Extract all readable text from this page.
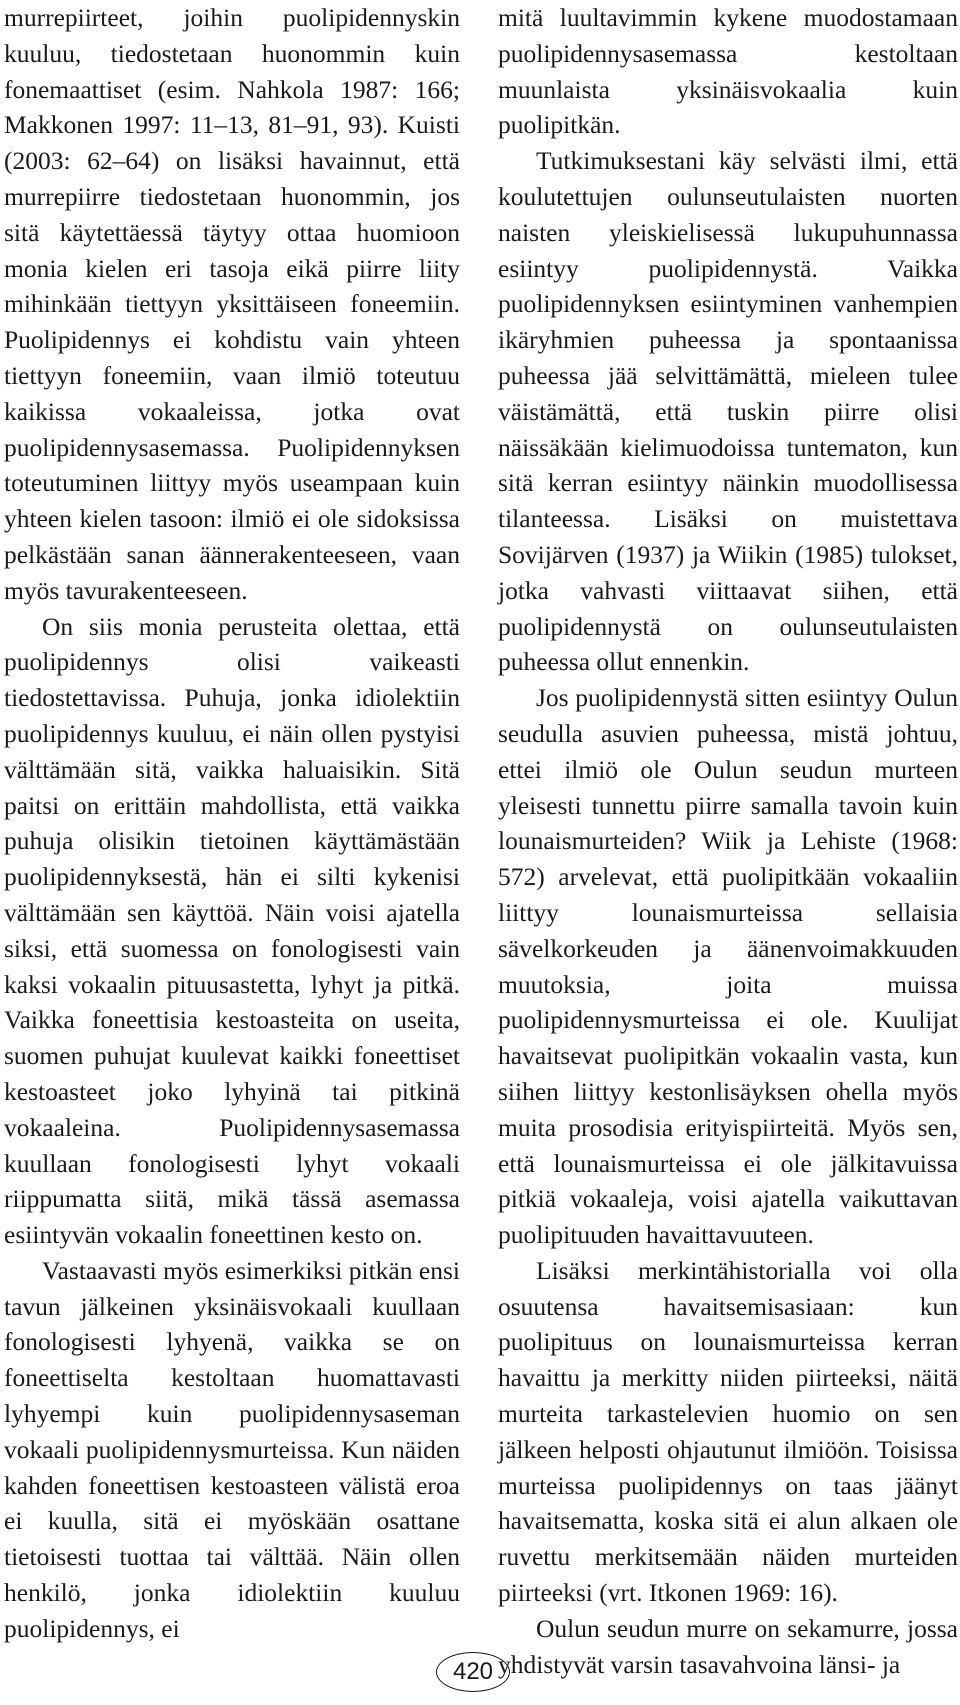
murrepiirteet, joihin puolipidennyskin kuuluu, tiedostetaan huonommin kuin fonemaattiset (esim. Nahkola 1987: 166; Makkonen 1997: 11–13, 81–91, 93). Kuisti (2003: 62–64) on lisäksi havainnut, että murrepiirre tiedostetaan huonommin, jos sitä käytettäessä täytyy ottaa huomioon monia kielen eri tasoja eikä piirre liity mihinkään tiettyyn yksittäiseen foneemiin. Puolipidennys ei kohdistu vain yhteen tiettyyn foneemiin, vaan ilmiö toteutuu kaikissa vokaaleissa, jotka ovat puolipidennysasemassa. Puolipidennyksen toteutuminen liittyy myös useampaan kuin yhteen kielen tasoon: ilmiö ei ole sidoksissa pelkästään sanan äännerakenteeseen, vaan myös tavurakenteeseen.

On siis monia perusteita olettaa, että puolipidennys olisi vaikeasti tiedostettavissa. Puhuja, jonka idiolektiin puolipidennys kuuluu, ei näin ollen pystyisi välttämään sitä, vaikka haluaisikin. Sitä paitsi on erittäin mahdollista, että vaikka puhuja olisikin tietoinen käyttämästään puolipidennyksestä, hän ei silti kykenisi välttämään sen käyttöä. Näin voisi ajatella siksi, että suomessa on fonologisesti vain kaksi vokaalin pituusastetta, lyhyt ja pitkä. Vaikka foneettisia kestoasteita on useita, suomen puhujat kuulevat kaikki foneettiset kestoasteet joko lyhyinä tai pitkinä vokaaleina. Puolipidennysasemassa kuullaan fonologisesti lyhyt vokaali riippumatta siitä, mikä tässä asemassa esiintyvän vokaalin foneettinen kesto on.

Vastaavasti myös esimerkiksi pitkän ensi tavun jälkeinen yksinäisvokaali kuullaan fonologisesti lyhyenä, vaikka se on foneettiselta kestoltaan huomattavasti lyhyempi kuin puolipidennysaseman vokaali puolipidennysmurteissa. Kun näiden kahden foneettisen kestoasteen välistä eroa ei kuulla, sitä ei myöskään osattane tietoisesti tuottaa tai välttää. Näin ollen henkilö, jonka idiolektiin kuuluu puolipidennys, ei

mitä luultavimmin kykene muodostamaan puolipidennysasemassa kestoltaan muunlaista yksinäisvokaalia kuin puolipitkän.

Tutkimuksestani käy selvästi ilmi, että koulutettujen oulunseutulaisten nuorten naisten yleiskielisessä lukupuhunnassa esiintyy puolipidennystä. Vaikka puolipidennyksen esiintyminen vanhempien ikäryhmien puheessa ja spontaanissa puheessa jää selvittämättä, mieleen tulee väistämättä, että tuskin piirre olisi näissäkään kielimuodoissa tuntematon, kun sitä kerran esiintyy näinkin muodollisessa tilanteessa. Lisäksi on muistettava Sovijärven (1937) ja Wiikin (1985) tulokset, jotka vahvasti viittaavat siihen, että puolipidennystä on oulunseutulaisten puheessa ollut ennenkin.

Jos puolipidennystä sitten esiintyy Oulun seudulla asuvien puheessa, mistä johtuu, ettei ilmiö ole Oulun seudun murteen yleisesti tunnettu piirre samalla tavoin kuin lounaismurteiden? Wiik ja Lehiste (1968: 572) arvelevat, että puolipitkään vokaaliin liittyy lounaismurteissa sellaisia sävelkorkeuden ja äänenvoimakkuuden muutoksia, joita muissa puolipidennysmurteissa ei ole. Kuulijat havaitsevat puolipitkän vokaalin vasta, kun siihen liittyy kestonlisäyksen ohella myös muita prosodisia erityispiirteitä. Myös sen, että lounaismurteissa ei ole jälkitavuissa pitkiä vokaaleja, voisi ajatella vaikuttavan puolipituuden havaittavuuteen.

Lisäksi merkintähistorialla voi olla osuutensa havaitsemisasiaan: kun puolipituus on lounaismurteissa kerran havaittu ja merkitty niiden piirteeksi, näitä murteita tarkastelevien huomio on sen jälkeen helposti ohjautunut ilmiöön. Toisissa murteissa puolipidennys on taas jäänyt havaitsematta, koska sitä ei alun alkaen ole ruvettu merkitsemään näiden murteiden piirteeksi (vrt. Itkonen 1969: 16).

Oulun seudun murre on sekamurre, jossa yhdistyvät varsin tasavahvoina länsi- ja

420
